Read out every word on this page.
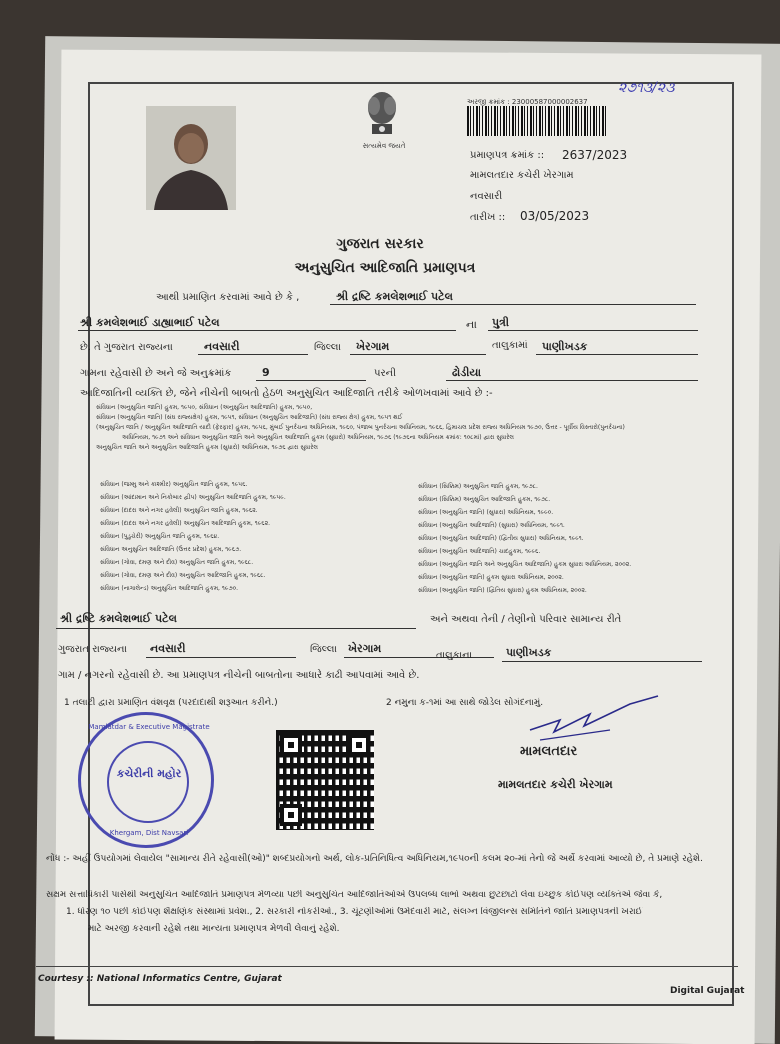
૨૭૧૩/૨૩
સત્યમેવ જયતે
અરજી ક્રમાંક : 23000587000002637
પ્રમાણપત્ર ક્રમાંક :: 2637/2023
મામલતદાર કચેરી ખેરગામ
નવસારી
તારીખ :: 03/05/2023
ગુજરાત સરકાર
અનુસુચિત આદિજાતિ પ્રમાણપત્ર
આથી પ્રમાણિત કરવામાં આવે છે કે ,	શ્રી દ્રષ્ટિ કમલેશભાઈ પટેલ
શ્રી કમલેશભાઈ ડાહ્યાભાઈ પટેલ	ના પુત્રી
છે. તે ગુજરાત રાજ્યના	નવસારી	જિલ્લા ખેરગામ	તાલુકામાં પાણીખડક
ગામના રહેવાસી છે અને જે અનુક્રમાંક	9	પરની	ઢોડીયા
આદિજાતિની વ્યક્તિ છે, જેને નીચેની બાબતો હેઠળ અનુસુચિત આદિજાતિ તરીકે ઓળખવામાં આવે છે :-
સંવિધાન (અનુસુચિત જાતિ) હુકમ, ૧૯૫૦, સંવિધાન (અનુસુચિત આદિજાતિ) હુકમ, ૧૯૫૦,
સંવિધાન (અનુસુચિત જાતિ) (સંઘ રાજ્યક્ષેત્ર) હુકમ, ૧૯૫૧, સંવિધાન (અનુસુચિત આદિજાતિ) (સંઘ રાજ્ય ક્ષેત્ર) હુકમ, ૧૯૫૧ થઈ
(અનુસુચિત જાતિ / અનુસુચિત આદિજાતિ યાદી (ફેરફાર) હુકમ, ૧૯૫૬, મુંબઈ પુનર્રચના અધિનિયમ, ૧૯૬૦, પંજાબ પુનર્રચના અધિનિયમ, ૧૯૬૬, હિમાચલ પ્રદેશ રાજ્ય અધિનિયમ ૧૯૭૦, ઉત્તર - પૂર્વીય વિસ્તારો(પુનર્રચના)
અધિનિયમ, ૧૯૭૧ અને સંવિધાન અનુસુચિત જાતિ અને અનુસુચિત આદિજાતિ હુકમ (સુધારો) અધિનિયમ, ૧૯૭૬ (૧૯૭૬ના અધિનિયમ ક્રમાંક: ૧૦૮માં) દ્વારા સુધારેલ
અનુસુચિત જાતિ અને અનુસુચિત આદિજાતિ હુકમ (સુધારો) અધિનિયમ, ૧૯૭૬ દ્વારા સુધારેલ
સંવિધાન (જમ્મુ અને કાશ્મીર) અનુસુચિત જાતિ હુકમ, ૧૯૫૬.
સંવિધાન (આંદામાન અને નિકોબાર દ્વીપ) અનુસુચિત આદિજાતિ હુકમ, ૧૯૫૯.
સંવિધાન (દાદરા અને નગર હવેલી) અનુસુચિત જાતિ હુકમ, ૧૯૬૨.
સંવિધાન (દાદરા અને નગર હવેલી) અનુસુચિત આદિજાતિ હુકમ, ૧૯૬૨.
સંવિધાન (પુડુચેરી) અનુસુચિત જાતિ હુકમ, ૧૯૬૪.
સંવિધાન અનુસુચિત આદિજાતિ (ઉત્તર પ્રદેશ) હુકમ, ૧૯૬૭.
સંવિધાન (ગોવા, દમણ અને દીવ) અનુસુચિત જાતિ હુકમ, ૧૯૬૮.
સંવિધાન (ગોવા, દમણ અને દીવ) અનુસુચિત આદિજાતિ હુકમ, ૧૯૬૮.
સંવિધાન (નાગાલેન્ડ) અનુસુચિત આદિજાતિ હુકમ, ૧૯૭૦.
સંવિધાન (સિક્કિમ) અનુસુચિત જાતિ હુકમ, ૧૯૭૮.
સંવિધાન (સિક્કિમ) અનુસુચિત આદિજાતિ હુકમ, ૧૯૭૮.
સંવિધાન (અનુસુચિત જાતિ) (સુધારા) અધિનિયમ, ૧૯૯૦.
સંવિધાન (અનુસુચિત આદિજાતિ) (સુધારા) અધિનિયમ, ૧૯૯૧.
સંવિધાન (અનુસુચિત આદિજાતિ) (દ્વિતીય સુધારા) અધિનિયમ, ૧૯૯૧.
સંવિધાન (અનુસુચિત આદિજાતિ) ચાદહુકમ, ૧૯૯૬.
સંવિધાન (અનુસુચિત જાતિ અને અનુસુચિત આદિજાતિ) હુકમ સુધારા અધિનિયમ, ૨૦૦૨.
સંવિધાન (અનુસુચિત જાતિ) હુકમ સુધારા અધિનિયમ, ૨૦૦૨.
સંવિધાન (અનુસુચિત જાતિ) (દ્વિતિય સુધારા) હુકમ અધિનિયમ, ૨૦૦૨.
શ્રી દ્રષ્ટિ કમલેશભાઈ પટેલ	અને અથવા તેની / તેણીનો પરિવાર સામાન્ય રીતે
ગુજરાત રાજ્યના નવસારી	જિલ્લા ખેરગામ
તાલુકાના	પાણીખડક
ગામ / નગરનો રહેવાસી છે. આ પ્રમાણપત્ર નીચેની બાબતોના આધારે કાઢી આપવામાં આવે છે.
1 તલાટી દ્વારા પ્રમાણિત વંશવૃક્ષ (પરદાદાથી શરૂઆત કરીને.)	2 નમુના ક-૧માં આ સાથે જોડેલ સોગંદનામું.
Mamlatdar & Executive Magistrate
કચેરીની મહોર
Khergam, Dist Navsari
મામલતદાર
મામલતદાર કચેરી ખેરગામ
નોંધ :- અહીં ઉપયોગમાં લેવાયેલ "સામાન્ય રીતે રહેવાસી(ઓ)" શબ્દપ્રયોગનો અર્થ, લોક-પ્રતિનિધિત્વ અધિનિયમ,૧૯૫૦ની કલમ ૨૦-માં તેનો જે અર્થે કરવામાં આવ્યો છે, તે પ્રમાણે રહેશે.
સક્ષમ સત્તાધિકારી પાસેથી અનુસુચિત આદિજાતિ પ્રમાણપત્ર મેળવ્યા પછી અનુસુચિત આદિજાતિઓએ ઉપલબ્ધ લાભો અથવા છુટછાટો લેવા ઇચ્છુક કોઈપણ વ્યક્તિએ જેવા કે,
1. ધોરણ ૧૦ પછી કોઈપણ શૈક્ષણિક સંસ્થામાં પ્રવેશ., 2. સરકારી નોકરીઓ., 3. ચૂંટણીઓમાં ઉમેદવારી માટે, સંલગ્ન વિજીલન્સ સમિતિને જાતિ પ્રમાણપત્રની ખરાઈ
માટે અરજી કરવાની રહેશે તથા માન્યતા પ્રમાણપત્ર મેળવી લેવાનું રહેશે.
Courtesy :: National Informatics Centre, Gujarat
Digital Gujarat
